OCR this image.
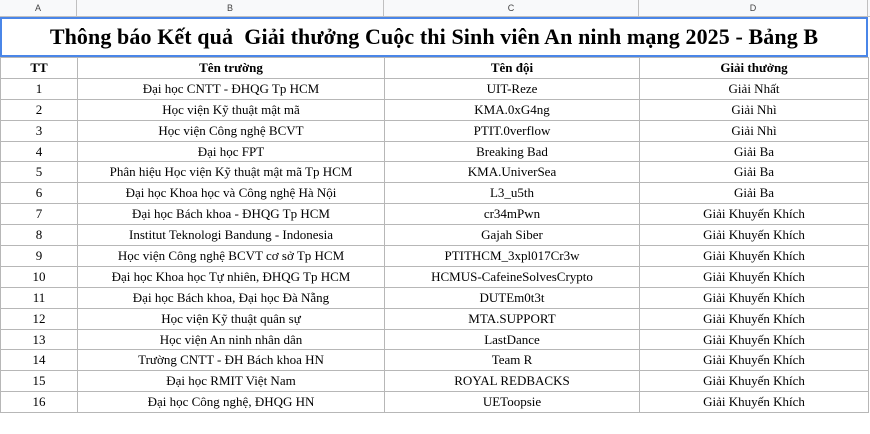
A	B	C	D
Thông báo Kết quả  Giải thưởng Cuộc thi Sinh viên An ninh mạng 2025 - Bảng B
TT	Tên trường	Tên đội	Giải thưởng
1	Đại học CNTT - ĐHQG Tp HCM	UIT-Reze	Giải Nhất
2	Học viện Kỹ thuật mật mã	KMA.0xG4ng	Giải Nhì
3	Học viện Công nghệ BCVT	PTIT.0verflow	Giải Nhì
4	Đại học FPT	Breaking Bad	Giải Ba
5	Phân hiệu Học viện Kỹ thuật mật mã Tp HCM	KMA.UniverSea	Giải Ba
6	Đại học Khoa học và Công nghệ Hà Nội	L3_u5th	Giải Ba
7	Đại học Bách khoa - ĐHQG Tp HCM	cr34mPwn	Giải Khuyến Khích
8	Institut Teknologi Bandung - Indonesia	Gajah Siber	Giải Khuyến Khích
9	Học viện Công nghệ BCVT cơ sở Tp HCM	PTITHCM_3xpl017Cr3w	Giải Khuyến Khích
10	Đại học Khoa học Tự nhiên, ĐHQG Tp HCM	HCMUS-CafeineSolvesCrypto	Giải Khuyến Khích
11	Đại học Bách khoa, Đại học Đà Nẵng	DUTEm0t3t	Giải Khuyến Khích
12	Học viện Kỹ thuật quân sự	MTA.SUPPORT	Giải Khuyến Khích
13	Học viện An ninh nhân dân	LastDance	Giải Khuyến Khích
14	Trường CNTT - ĐH Bách khoa HN	Team R	Giải Khuyến Khích
15	Đại học RMIT Việt Nam	ROYAL REDBACKS	Giải Khuyến Khích
16	Đại học Công nghệ, ĐHQG HN	UEToopsie	Giải Khuyến Khích
